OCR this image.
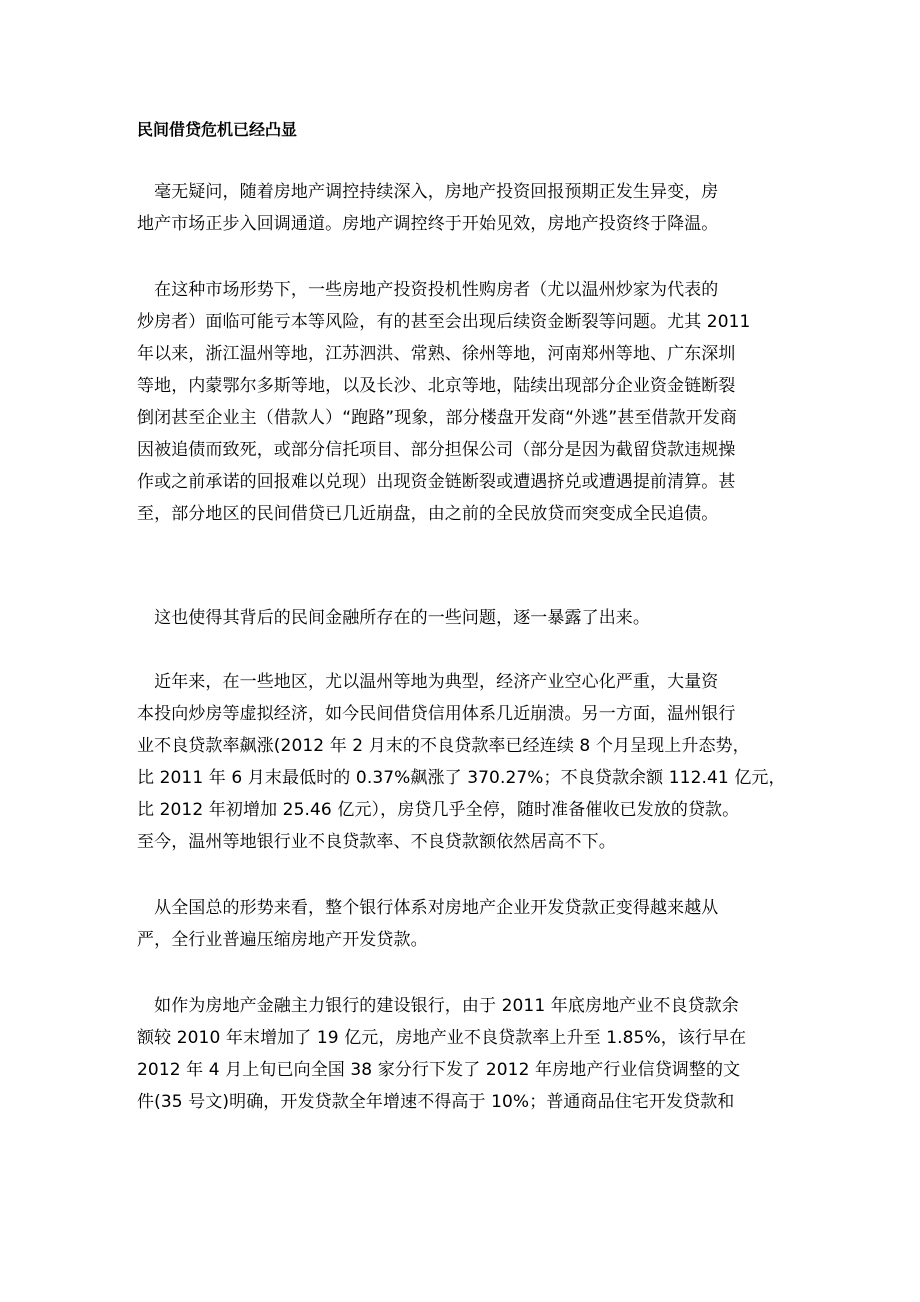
民间借贷危机已经凸显
　毫无疑问，随着房地产调控持续深入，房地产投资回报预期正发生异变，房
地产市场正步入回调通道。房地产调控终于开始见效，房地产投资终于降温。
　在这种市场形势下，一些房地产投资投机性购房者（尤以温州炒家为代表的
炒房者）面临可能亏本等风险，有的甚至会出现后续资金断裂等问题。尤其 2011
年以来，浙江温州等地，江苏泗洪、常熟、徐州等地，河南郑州等地、广东深圳
等地，内蒙鄂尔多斯等地，以及长沙、北京等地，陆续出现部分企业资金链断裂
倒闭甚至企业主（借款人）“跑路”现象，部分楼盘开发商“外逃”甚至借款开发商
因被追债而致死，或部分信托项目、部分担保公司（部分是因为截留贷款违规操
作或之前承诺的回报难以兑现）出现资金链断裂或遭遇挤兑或遭遇提前清算。甚
至，部分地区的民间借贷已几近崩盘，由之前的全民放贷而突变成全民追债。
　这也使得其背后的民间金融所存在的一些问题，逐一暴露了出来。
　近年来，在一些地区，尤以温州等地为典型，经济产业空心化严重，大量资
本投向炒房等虚拟经济，如今民间借贷信用体系几近崩溃。另一方面，温州银行
业不良贷款率飙涨(2012 年 2 月末的不良贷款率已经连续 8 个月呈现上升态势，
比 2011 年 6 月末最低时的 0.37%飙涨了 370.27%；不良贷款余额 112.41 亿元，
比 2012 年初增加 25.46 亿元），房贷几乎全停，随时准备催收已发放的贷款。
至今，温州等地银行业不良贷款率、不良贷款额依然居高不下。
　从全国总的形势来看，整个银行体系对房地产企业开发贷款正变得越来越从
严，全行业普遍压缩房地产开发贷款。
　如作为房地产金融主力银行的建设银行，由于 2011 年底房地产业不良贷款余
额较 2010 年末增加了 19 亿元，房地产业不良贷款率上升至 1.85%，该行早在
2012 年 4 月上旬已向全国 38 家分行下发了 2012 年房地产行业信贷调整的文
件(35 号文)明确，开发贷款全年增速不得高于 10%；普通商品住宅开发贷款和
